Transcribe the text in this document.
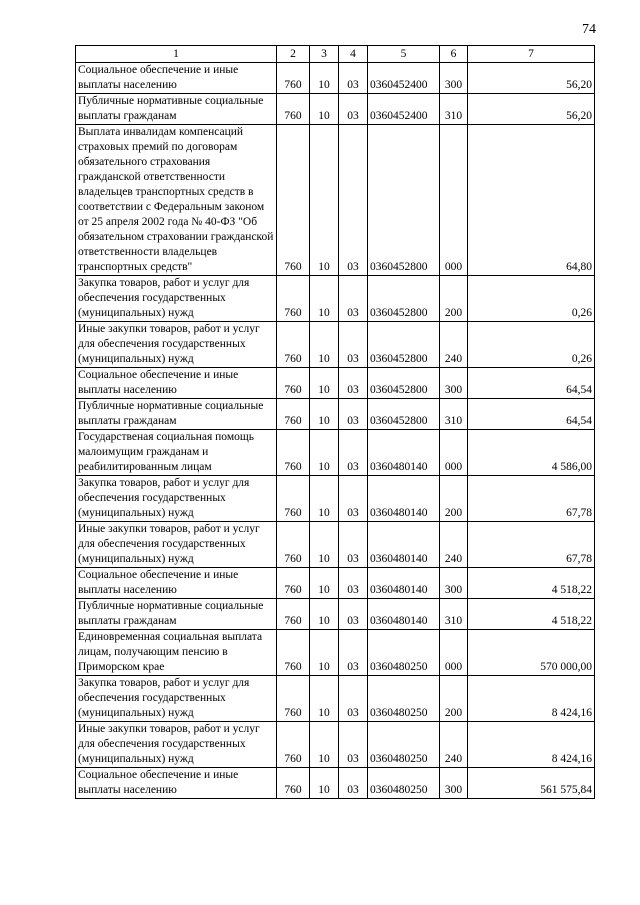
74
1	2	3	4	5	6	7
Социальное обеспечение и иные выплаты населению	760	10	03	0360452400	300	56,20
Публичные нормативные социальные выплаты гражданам	760	10	03	0360452400	310	56,20
Выплата инвалидам компенсаций страховых премий по договорам обязательного страхования гражданской ответственности владельцев транспортных средств в соответствии с Федеральным законом от 25 апреля 2002 года № 40-ФЗ "Об обязательном страховании гражданской ответственности владельцев транспортных средств"	760	10	03	0360452800	000	64,80
Закупка товаров, работ и услуг для обеспечения государственных (муниципальных) нужд	760	10	03	0360452800	200	0,26
Иные закупки товаров, работ и услуг для обеспечения государственных (муниципальных) нужд	760	10	03	0360452800	240	0,26
Социальное обеспечение и иные выплаты населению	760	10	03	0360452800	300	64,54
Публичные нормативные социальные выплаты гражданам	760	10	03	0360452800	310	64,54
Государственая социальная помощь малоимущим гражданам и реабилитированным лицам	760	10	03	0360480140	000	4 586,00
Закупка товаров, работ и услуг для обеспечения государственных (муниципальных) нужд	760	10	03	0360480140	200	67,78
Иные закупки товаров, работ и услуг для обеспечения государственных (муниципальных) нужд	760	10	03	0360480140	240	67,78
Социальное обеспечение и иные выплаты населению	760	10	03	0360480140	300	4 518,22
Публичные нормативные социальные выплаты гражданам	760	10	03	0360480140	310	4 518,22
Единовременная социальная выплата лицам, получающим пенсию в Приморском крае	760	10	03	0360480250	000	570 000,00
Закупка товаров, работ и услуг для обеспечения государственных (муниципальных) нужд	760	10	03	0360480250	200	8 424,16
Иные закупки товаров, работ и услуг для обеспечения государственных (муниципальных) нужд	760	10	03	0360480250	240	8 424,16
Социальное обеспечение и иные выплаты населению	760	10	03	0360480250	300	561 575,84
